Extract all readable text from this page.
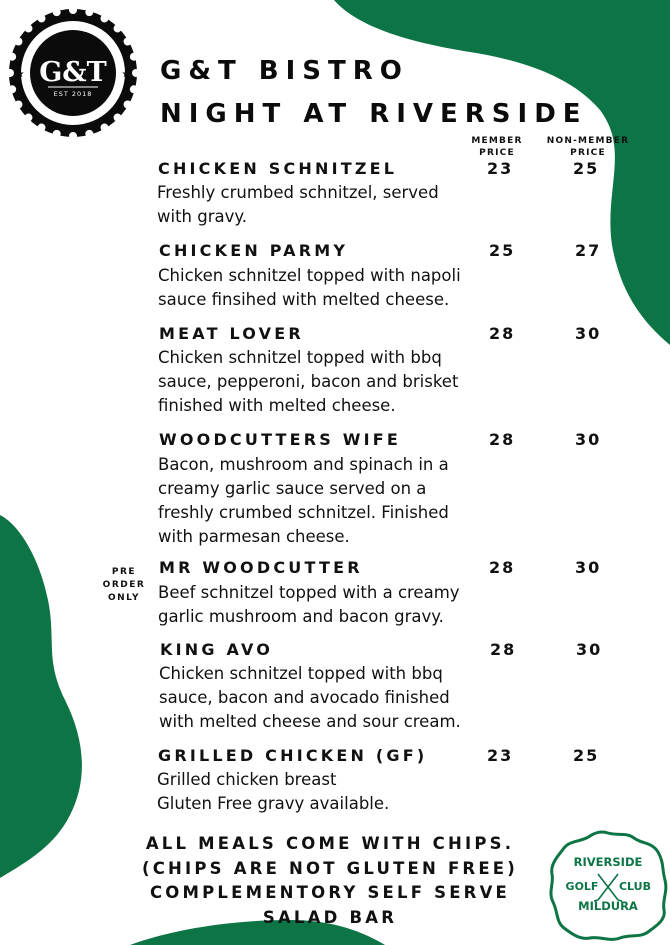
G&T
EST 2018
★	★ G&T BISTRO
NIGHT AT RIVERSIDE
MEMBER
PRICE
NON-MEMBER
PRICE
CHICKEN SCHNITZEL	23	25
Freshly crumbed schnitzel, served
with gravy.
CHICKEN PARMY	25	27
Chicken schnitzel topped with napoli
sauce finsihed with melted cheese.
MEAT LOVER	28	30
Chicken schnitzel topped with bbq
sauce, pepperoni, bacon and brisket
finished with melted cheese.
WOODCUTTERS WIFE	28	30
Bacon, mushroom and spinach in a
creamy garlic sauce served on a
freshly crumbed schnitzel. Finished
with parmesan cheese.
PRE
ORDER
ONLY
MR WOODCUTTER	28	30
Beef schnitzel topped with a creamy
garlic mushroom and bacon gravy.
KING AVO	28	30
Chicken schnitzel topped with bbq
sauce, bacon and avocado finished
with melted cheese and sour cream.
GRILLED CHICKEN (GF)	23	25
Grilled chicken breast
Gluten Free gravy available.
ALL MEALS COME WITH CHIPS.
(CHIPS ARE NOT GLUTEN FREE)
COMPLEMENTORY SELF SERVE
SALAD BAR
RIVERSIDE
GOLF CLUB
MILDURA
